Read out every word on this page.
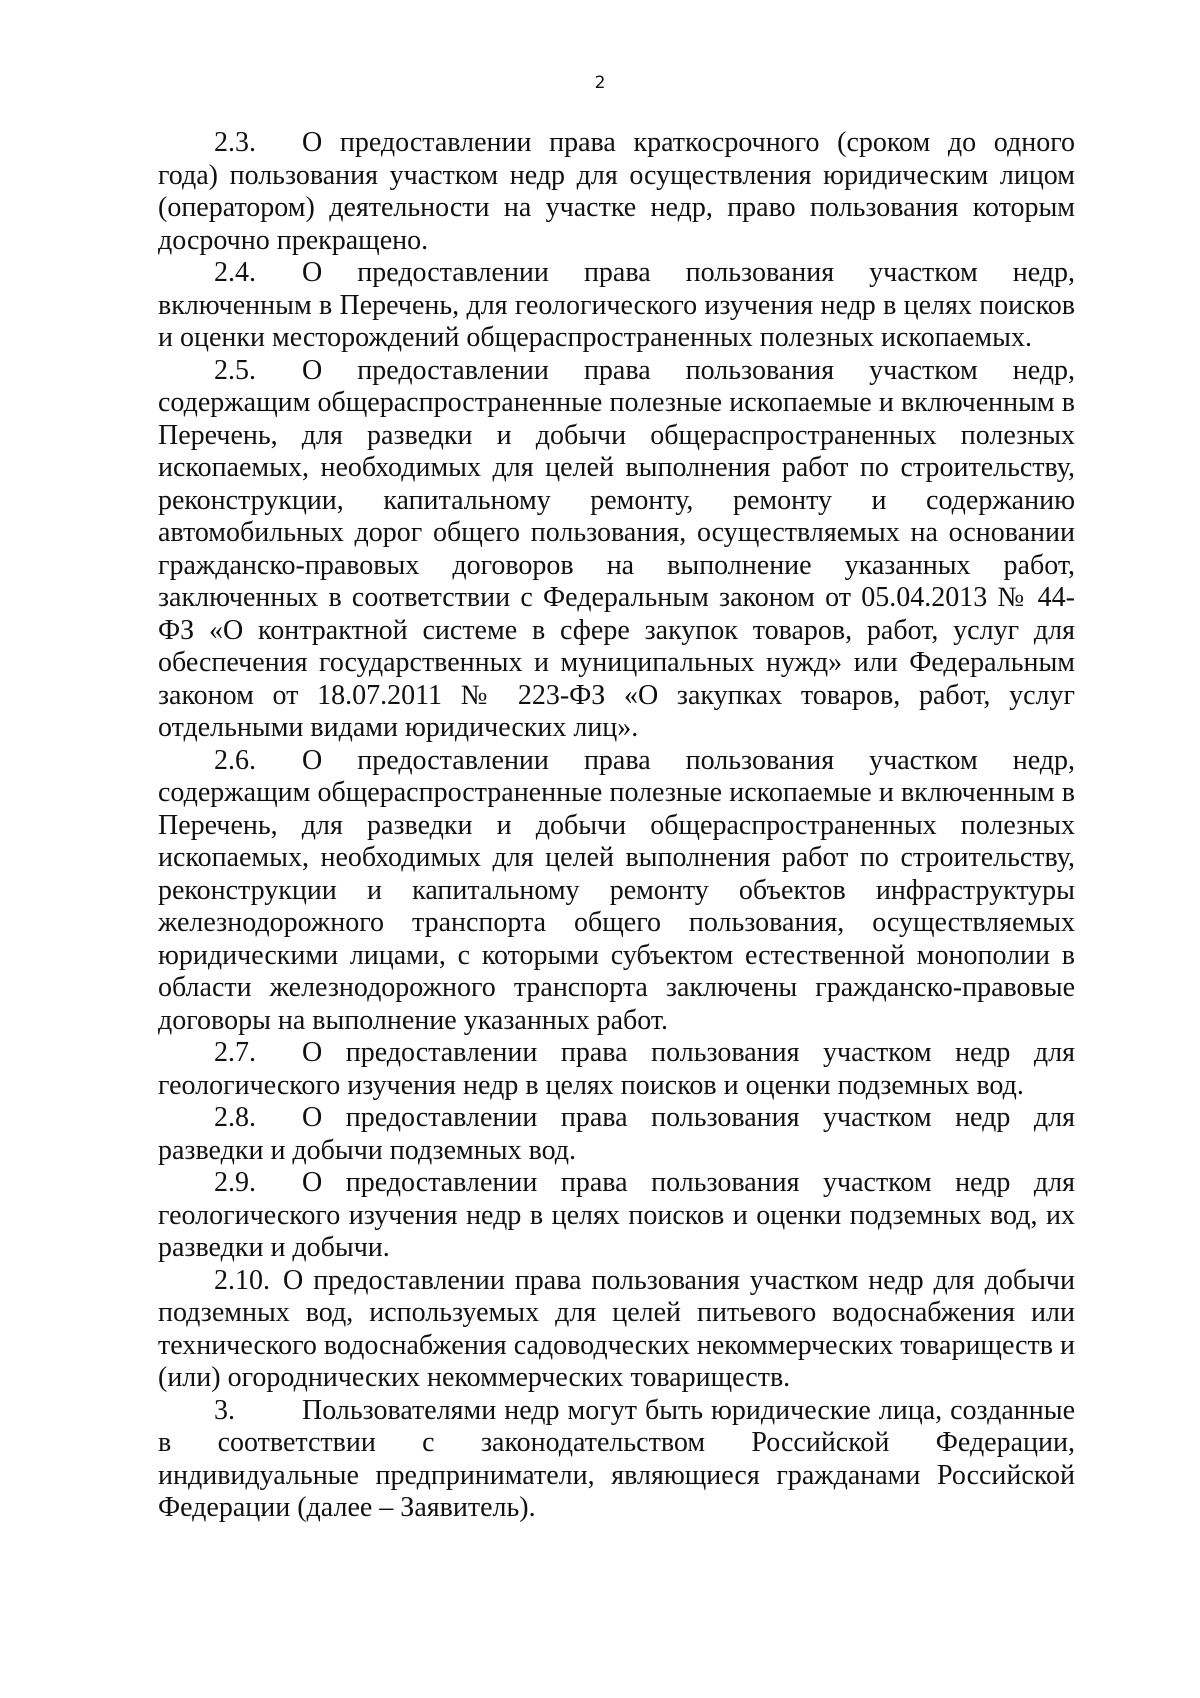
2

2.3. О предоставлении права краткосрочного (сроком до одного года) пользования участком недр для осуществления юридическим лицом (оператором) деятельности на участке недр, право пользования которым досрочно прекращено.

2.4. О предоставлении права пользования участком недр, включенным в Перечень, для геологического изучения недр в целях поисков и оценки месторождений общераспространенных полезных ископаемых.

2.5. О предоставлении права пользования участком недр, содержащим общераспространенные полезные ископаемые и включенным в Перечень, для разведки и добычи общераспространенных полезных ископаемых, необходимых для целей выполнения работ по строительству, реконструкции, капитальному ремонту, ремонту и содержанию автомобильных дорог общего пользования, осуществляемых на основании гражданско-правовых договоров на выполнение указанных работ, заключенных в соответствии с Федеральным законом от 05.04.2013 № 44-ФЗ «О контрактной системе в сфере закупок товаров, работ, услуг для обеспечения государственных и муниципальных нужд» или Федеральным законом от 18.07.2011 № 223-ФЗ «О закупках товаров, работ, услуг отдельными видами юридических лиц».

2.6. О предоставлении права пользования участком недр, содержащим общераспространенные полезные ископаемые и включенным в Перечень, для разведки и добычи общераспространенных полезных ископаемых, необходимых для целей выполнения работ по строительству, реконструкции и капитальному ремонту объектов инфраструктуры железнодорожного транспорта общего пользования, осуществляемых юридическими лицами, с которыми субъектом естественной монополии в области железнодорожного транспорта заключены гражданско-правовые договоры на выполнение указанных работ.

2.7. О предоставлении права пользования участком недр для геологического изучения недр в целях поисков и оценки подземных вод.

2.8. О предоставлении права пользования участком недр для разведки и добычи подземных вод.

2.9. О предоставлении права пользования участком недр для геологического изучения недр в целях поисков и оценки подземных вод, их разведки и добычи.

2.10. О предоставлении права пользования участком недр для добычи подземных вод, используемых для целей питьевого водоснабжения или технического водоснабжения садоводческих некоммерческих товариществ и (или) огороднических некоммерческих товариществ.

3. Пользователями недр могут быть юридические лица, созданные в соответствии с законодательством Российской Федерации, индивидуальные предприниматели, являющиеся гражданами Российской Федерации (далее – Заявитель).
